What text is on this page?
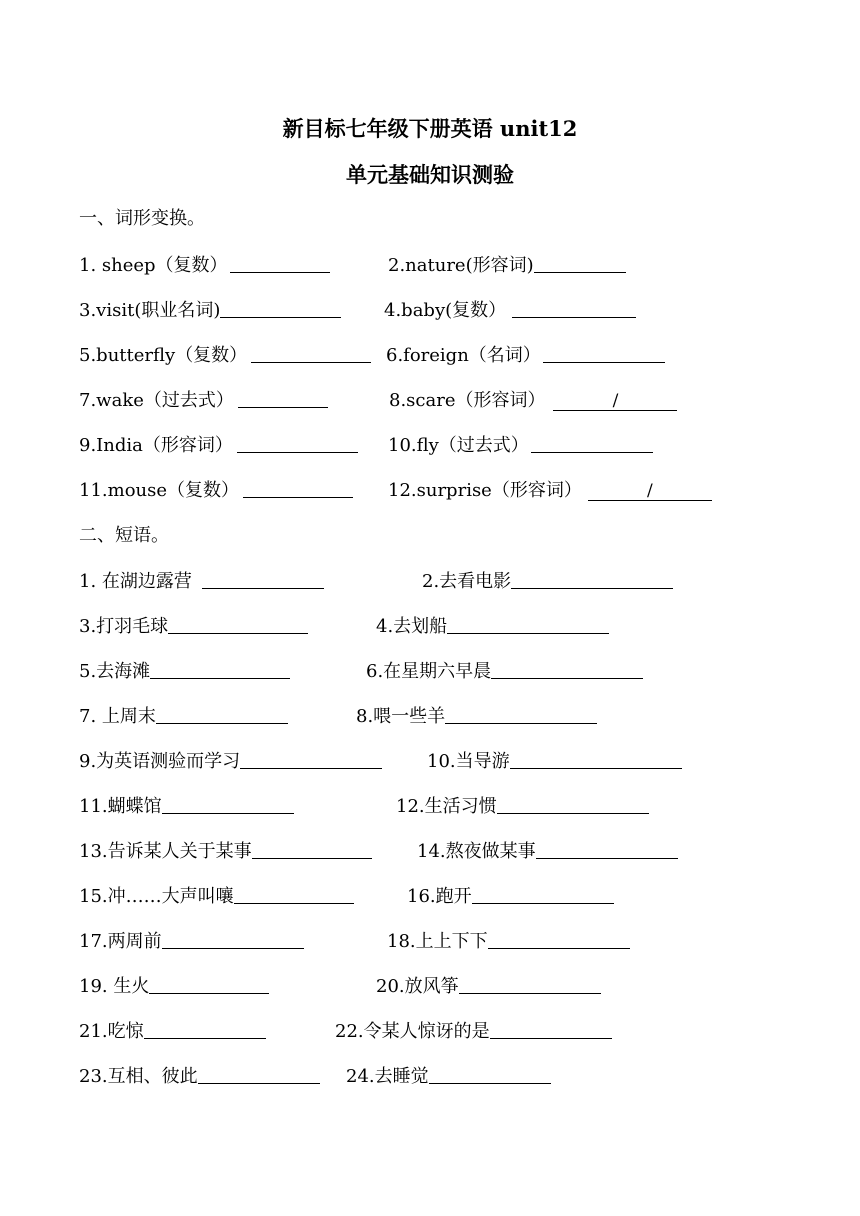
新目标七年级下册英语 unit12
单元基础知识测验
一、词形变换。
1. sheep（复数）	2.nature(形容词)
3.visit(职业名词)	4.baby(复数）
5.butterfly（复数）	6.foreign（名词）
7.wake（过去式）	8.scare（形容词）	/
9.India（形容词）	10.fly（过去式）
11.mouse（复数）	12.surprise（形容词）	/
二、短语。
1. 在湖边露营	2.去看电影
3.打羽毛球	4.去划船
5.去海滩	6.在星期六早晨
7. 上周末	8.喂一些羊
9.为英语测验而学习	10.当导游
11.蝴蝶馆	12.生活习惯
13.告诉某人关于某事	14.熬夜做某事
15.冲……大声叫嚷	16.跑开
17.两周前	18.上上下下
19. 生火	20.放风筝
21.吃惊	22.令某人惊讶的是
23.互相、彼此	24.去睡觉
